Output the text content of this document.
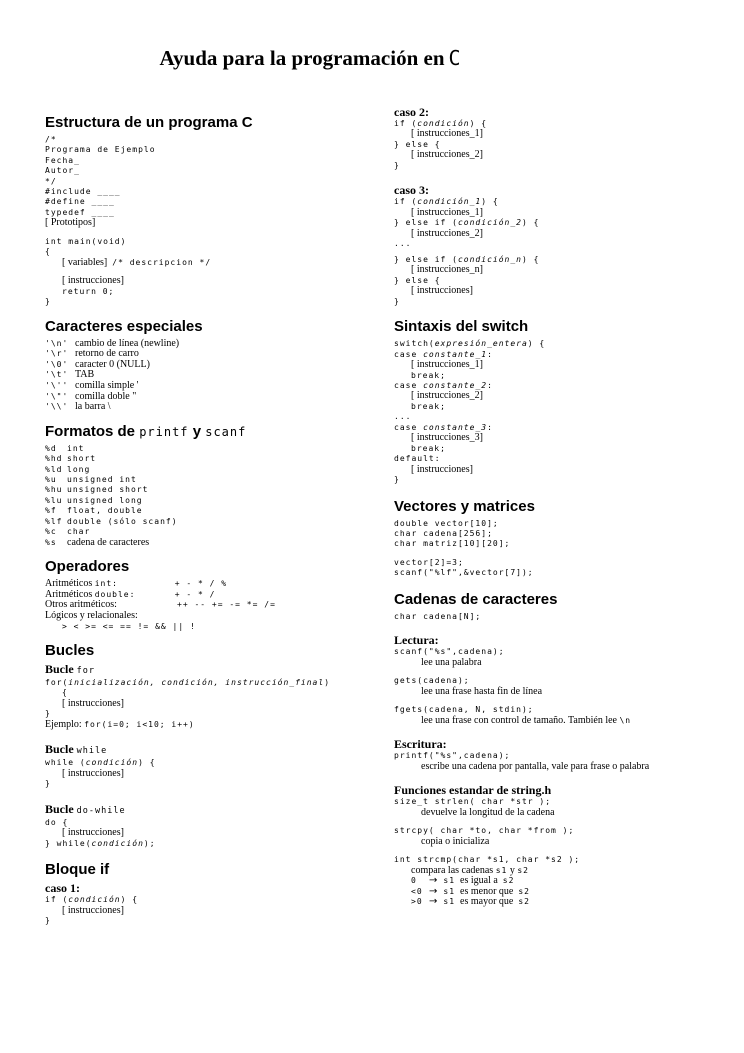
Ayuda para la programación en C
Estructura de un programa C
/*
Programa de Ejemplo
Fecha_
Autor_
*/
#include ____
#define ____
typedef ____
[ Prototipos]
int main(void)
{
[ variables] /* descripcion */
[ instrucciones]
return 0;
}
Caracteres especiales
'\n' cambio de línea (newline)
'\r' retorno de carro
'\0' caracter 0 (NULL)
'\t' TAB
'\'' comilla simple '
'\"' comilla doble "
'\\' la barra \
Formatos de printf y scanf
%d int
%hd short
%ld long
%u unsigned int
%hu unsigned short
%lu unsigned long
%f float, double
%lf double (sólo scanf)
%c char
%s cadena de caracteres
Operadores
Aritméticos int:	+ - * / %
Aritméticos double:	+ - * /
Otros aritméticos:	++ -- += -= *= /=
Lógicos y relacionales:
> < >= <= == != && || !
Bucles
Bucle for
for(inicialización, condición, instrucción_final)
{
[ instrucciones]
}
Ejemplo: for(i=0; i<10; i++)
Bucle while
while (condición) {
[ instrucciones]
}
Bucle do-while
do {
[ instrucciones]
} while(condición);
Bloque if
caso 1:
if (condición) {
[ instrucciones]
}
caso 2:
if (condición) {
[ instrucciones_1]
} else {
[ instrucciones_2]
}
caso 3:
if (condición_1) {
[ instrucciones_1]
} else if (condición_2) {
[ instrucciones_2]
...
} else if (condición_n) {
[ instrucciones_n]
} else {
[ instrucciones]
}
Sintaxis del switch
switch(expresión_entera) {
case constante_1:
[ instrucciones_1]
break;
case constante_2:
[ instrucciones_2]
break;
...
case constante_3:
[ instrucciones_3]
break;
default:
[ instrucciones]
}
Vectores y matrices
double vector[10];
char cadena[256];
char matriz[10][20];
vector[2]=3;
scanf("%lf",&vector[7]);
Cadenas de caracteres
char cadena[N];
Lectura:
scanf("%s",cadena);
lee una palabra
gets(cadena);
lee una frase hasta fin de línea
fgets(cadena, N, stdin);
lee una frase con control de tamaño. También lee \n
Escritura:
printf("%s",cadena);
escribe una cadena por pantalla, vale para frase o palabra
Funciones estandar de string.h
size_t strlen( char *str );
devuelve la longitud de la cadena
strcpy( char *to, char *from );
copia o inicializa
int strcmp(char *s1, char *s2 );
compara las cadenas s1 y s2
0 → s1 es igual a s2
<0 → s1 es menor que s2
>0 → s1 es mayor que s2
